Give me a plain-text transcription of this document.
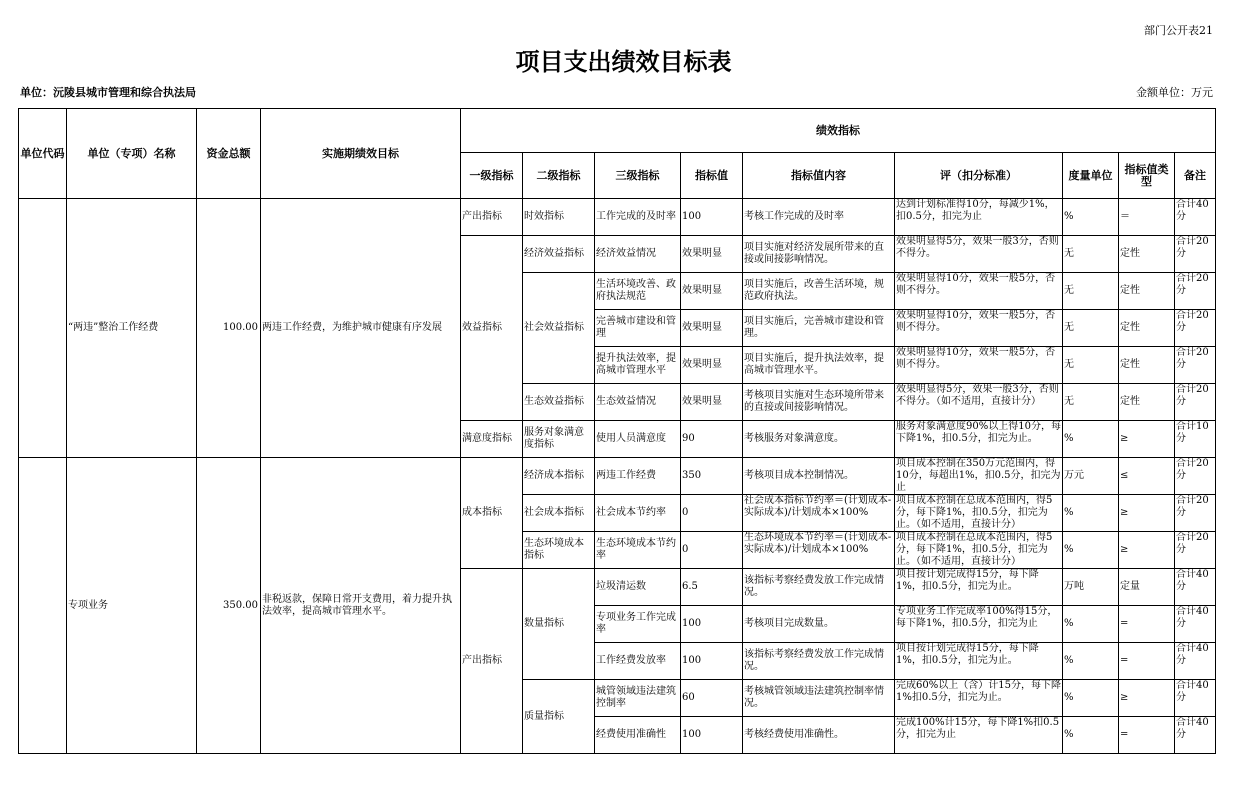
部门公开表21
项目支出绩效目标表
单位：沅陵县城市管理和综合执法局	金额单位：万元
单位代码	单位（专项）名称	资金总额	实施期绩效目标	绩效指标								
				一级指标	二级指标	三级指标	指标值	指标值内容	评（扣分标准）	度量单位	指标值类型	备注
	“两违”整治工作经费	100.00	两违工作经费，为维护城市健康有序发展	产出指标	时效指标	工作完成的及时率	100	考核工作完成的及时率	达到计划标准得10分，每减少1%，扣0.5分，扣完为止	%	＝	合计40分
				效益指标	经济效益指标	经济效益情况	效果明显	项目实施对经济发展所带来的直接或间接影响情况。	效果明显得5分，效果一般3分，否则不得分。	无	定性	合计20分
					社会效益指标	生活环境改善、政府执法规范	效果明显	项目实施后，改善生活环境，规范政府执法。	效果明显得10分，效果一般5分，否则不得分。	无	定性	合计20分
						完善城市建设和管理	效果明显	项目实施后，完善城市建设和管理。	效果明显得10分，效果一般5分，否则不得分。	无	定性	合计20分
						提升执法效率，提高城市管理水平	效果明显	项目实施后，提升执法效率，提高城市管理水平。	效果明显得10分，效果一般5分，否则不得分。	无	定性	合计20分
					生态效益指标	生态效益情况	效果明显	考核项目实施对生态环境所带来的直接或间接影响情况。	效果明显得5分，效果一般3分，否则不得分。（如不适用，直接计分）	无	定性	合计20分
				满意度指标	服务对象满意度指标	使用人员满意度	90	考核服务对象满意度。	服务对象满意度90%以上得10分，每下降1%，扣0.5分，扣完为止。	%	≥	合计10分
	专项业务	350.00	非税返款，保障日常开支费用，着力提升执法效率，提高城市管理水平。	成本指标	经济成本指标	两违工作经费	350	考核项目成本控制情况。	项目成本控制在350万元范围内，得10分，每超出1%，扣0.5分，扣完为止	万元	≤	合计20分
					社会成本指标	社会成本节约率	0	社会成本指标节约率＝(计划成本-实际成本)/计划成本×100%	项目成本控制在总成本范围内，得5分，每下降1%，扣0.5分，扣完为止。（如不适用，直接计分）	%	≥	合计20分
					生态环境成本指标	生态环境成本节约率	0	生态环境成本节约率＝(计划成本-实际成本)/计划成本×100%	项目成本控制在总成本范围内，得5分，每下降1%，扣0.5分，扣完为止。（如不适用，直接计分）	%	≥	合计20分
				产出指标	数量指标	垃圾清运数	6.5	该指标考察经费发放工作完成情况。	项目按计划完成得15分，每下降1%，扣0.5分，扣完为止。	万吨	定量	合计40分
						专项业务工作完成率	100	考核项目完成数量。	专项业务工作完成率100%得15分，每下降1%，扣0.5分，扣完为止	%	=	合计40分
						工作经费发放率	100	该指标考察经费发放工作完成情况。	项目按计划完成得15分，每下降1%，扣0.5分，扣完为止。	%	=	合计40分
					质量指标	城管领域违法建筑控制率	60	考核城管领域违法建筑控制率情况。	完成60%以上（含）计15分，每下降1%扣0.5分，扣完为止。	%	≥	合计40分
						经费使用准确性	100	考核经费使用准确性。	完成100%计15分，每下降1%扣0.5分，扣完为止	%	=	合计40分
